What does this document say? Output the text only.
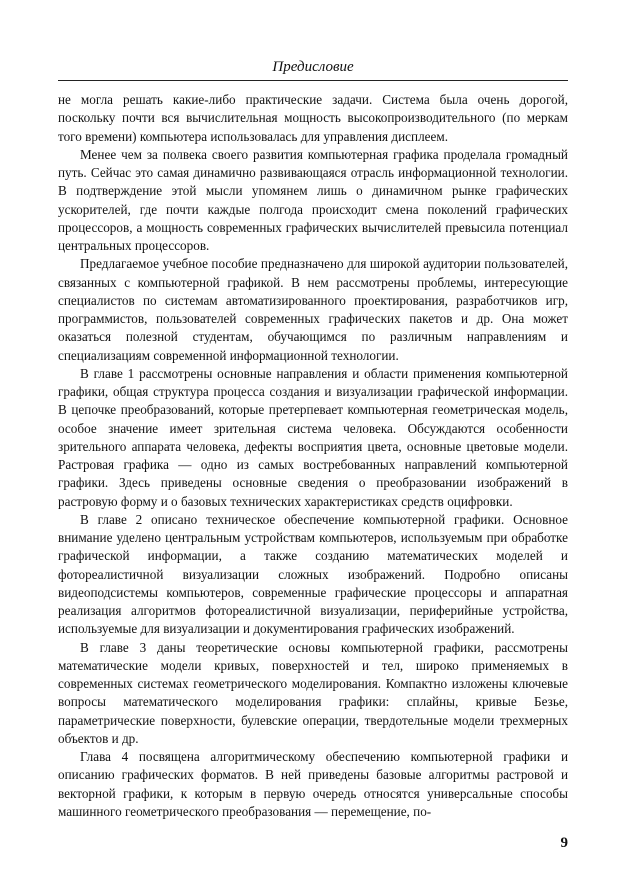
Предисловие

не могла решать какие-либо практические задачи. Система была очень дорогой, поскольку почти вся вычислительная мощность высокопроизводительного (по меркам того времени) компьютера использовалась для управления дисплеем.

Менее чем за полвека своего развития компьютерная графика проделала громадный путь. Сейчас это самая динамично развивающаяся отрасль информационной технологии. В подтверждение этой мысли упомянем лишь о динамичном рынке графических ускорителей, где почти каждые полгода происходит смена поколений графических процессоров, а мощность современных графических вычислителей превысила потенциал центральных процессоров.

Предлагаемое учебное пособие предназначено для широкой аудитории пользователей, связанных с компьютерной графикой. В нем рассмотрены проблемы, интересующие специалистов по системам автоматизированного проектирования, разработчиков игр, программистов, пользователей современных графических пакетов и др. Она может оказаться полезной студентам, обучающимся по различным направлениям и специализациям современной информационной технологии.

В главе 1 рассмотрены основные направления и области применения компьютерной графики, общая структура процесса создания и визуализации графической информации. В цепочке преобразований, которые претерпевает компьютерная геометрическая модель, особое значение имеет зрительная система человека. Обсуждаются особенности зрительного аппарата человека, дефекты восприятия цвета, основные цветовые модели. Растровая графика — одно из самых востребованных направлений компьютерной графики. Здесь приведены основные сведения о преобразовании изображений в растровую форму и о базовых технических характеристиках средств оцифровки.

В главе 2 описано техническое обеспечение компьютерной графики. Основное внимание уделено центральным устройствам компьютеров, используемым при обработке графической информации, а также созданию математических моделей и фотореалистичной визуализации сложных изображений. Подробно описаны видеоподсистемы компьютеров, современные графические процессоры и аппаратная реализация алгоритмов фотореалистичной визуализации, периферийные устройства, используемые для визуализации и документирования графических изображений.

В главе 3 даны теоретические основы компьютерной графики, рассмотрены математические модели кривых, поверхностей и тел, широко применяемых в современных системах геометрического моделирования. Компактно изложены ключевые вопросы математического моделирования графики: сплайны, кривые Безье, параметрические поверхности, булевские операции, твердотельные модели трехмерных объектов и др.

Глава 4 посвящена алгоритмическому обеспечению компьютерной графики и описанию графических форматов. В ней приведены базовые алгоритмы растровой и векторной графики, к которым в первую очередь относятся универсальные способы машинного геометрического преобразования — перемещение, по-

9
